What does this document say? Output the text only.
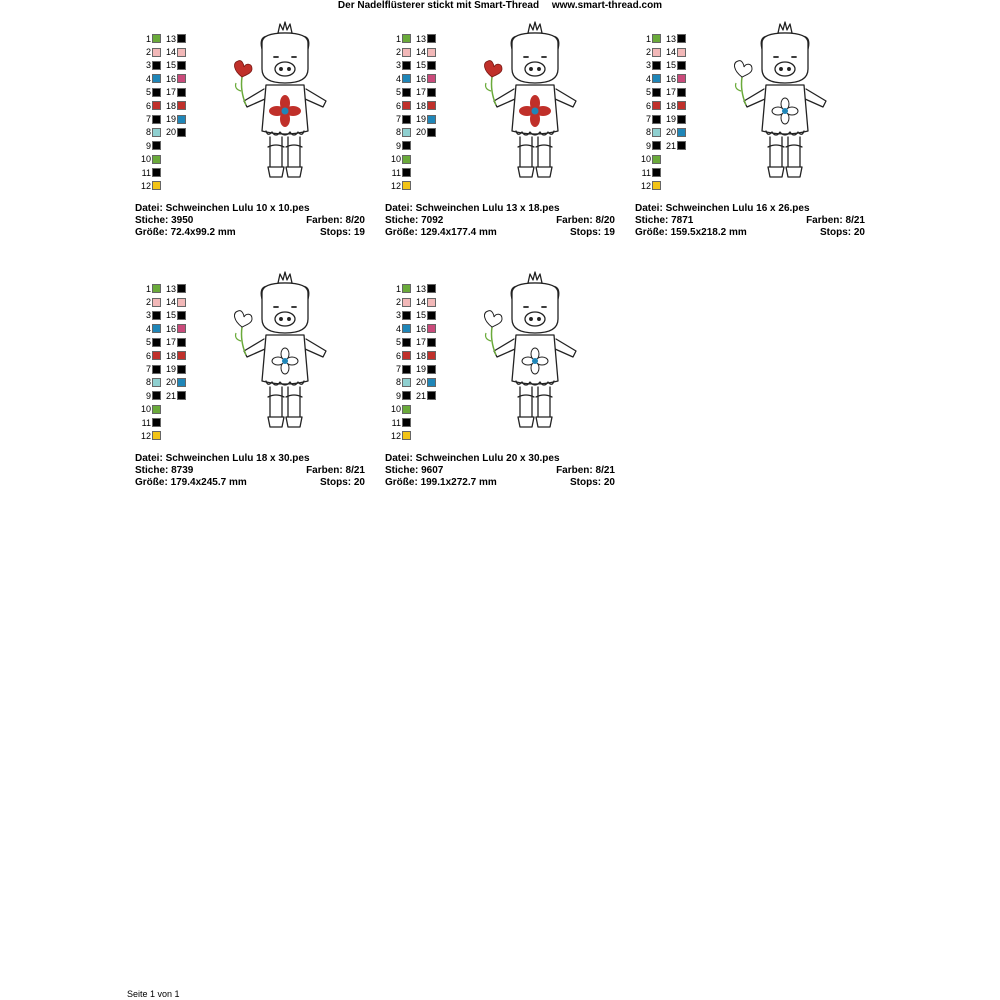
Der Nadelflüsterer stickt mit Smart-Thread www.smart-thread.com
1	13
2	14
3	15
4	16
5	17
6	18
7	19
8	20
9
10
11
12
Datei: Schweinchen Lulu 10 x 10.pes
Stiche: 3950	Farben: 8/20
Größe: 72.4x99.2 mm	Stops: 19
1	13
2	14
3	15
4	16
5	17
6	18
7	19
8	20
9
10
11
12
Datei: Schweinchen Lulu 13 x 18.pes
Stiche: 7092	Farben: 8/20
Größe: 129.4x177.4 mm	Stops: 19
1	13
2	14
3	15
4	16
5	17
6	18
7	19
8	20
9	21
10
11
12
Datei: Schweinchen Lulu 16 x 26.pes
Stiche: 7871	Farben: 8/21
Größe: 159.5x218.2 mm	Stops: 20
1	13
2	14
3	15
4	16
5	17
6	18
7	19
8	20
9	21
10
11
12
Datei: Schweinchen Lulu 18 x 30.pes
Stiche: 8739	Farben: 8/21
Größe: 179.4x245.7 mm	Stops: 20
1	13
2	14
3	15
4	16
5	17
6	18
7	19
8	20
9	21
10
11
12
Datei: Schweinchen Lulu 20 x 30.pes
Stiche: 9607	Farben: 8/21
Größe: 199.1x272.7 mm	Stops: 20
Seite 1 von 1
